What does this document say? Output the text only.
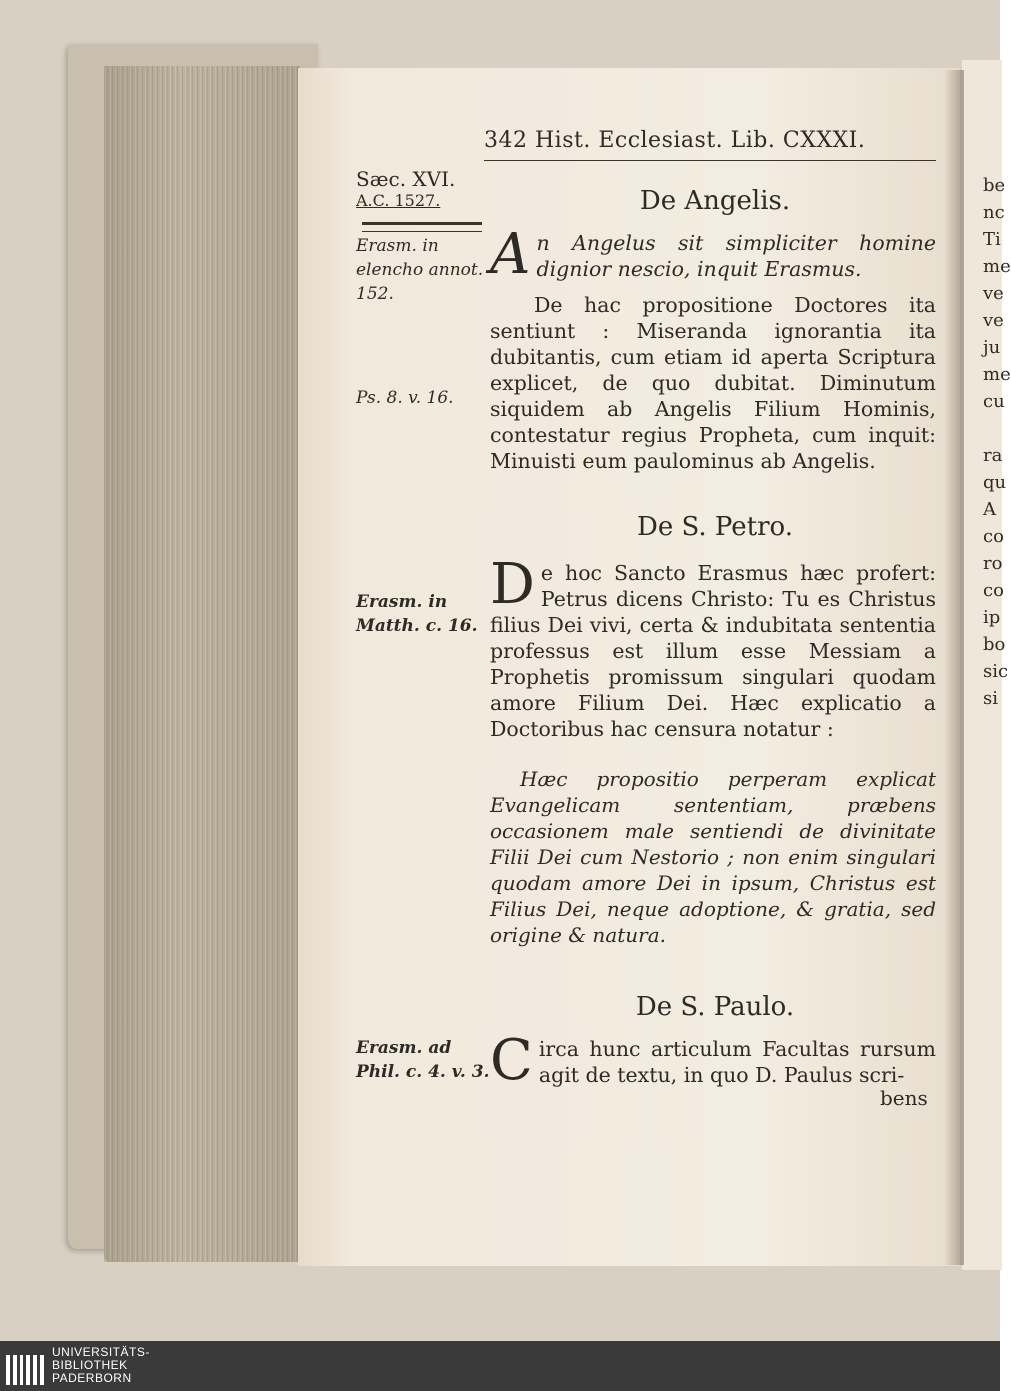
342 Hist. Ecclesiast. Lib. CXXXI.
Sæc. XVI.
A.C. 1527.
Erasm. in elencho annot. 152.
Ps. 8. v. 16.
Erasm. in Matth. c. 16.
Erasm. ad Phil. c. 4. v. 3.
De Angelis.
An Angelus sit simpliciter homine dignior nescio, inquit Erasmus.
De hac propositione Doctores ita sentiunt : Miseranda ignorantia ita dubitantis, cum etiam id aperta Scriptura explicet, de quo dubitat. Diminutum siquidem ab Angelis Filium Hominis, contestatur regius Propheta, cum inquit: Minuisti eum paulominus ab Angelis.
De S. Petro.
De hoc Sancto Erasmus hæc profert: Petrus dicens Christo: Tu es Christus filius Dei vivi, certa & indubitata sententia professus est illum esse Messiam a Prophetis promissum singulari quodam amore Filium Dei. Hæc explicatio a Doctoribus hac censura notatur :
Hæc propositio perperam explicat Evangelicam sententiam, præbens occasionem male sentiendi de divinitate Filii Dei cum Nestorio ; non enim singulari quodam amore Dei in ipsum, Christus est Filius Dei, neque adoptione, & gratia, sed origine & natura.
De S. Paulo.
Circa hunc articulum Facultas rursum agit de textu, in quo D. Paulus scri-
bens
be
nc
Ti
me
ve
ve
ju
me
cu

ra
qu
A
co
ro
co
ip
bo
sic
si
UNIVERSITÄTS-
BIBLIOTHEK
PADERBORN
